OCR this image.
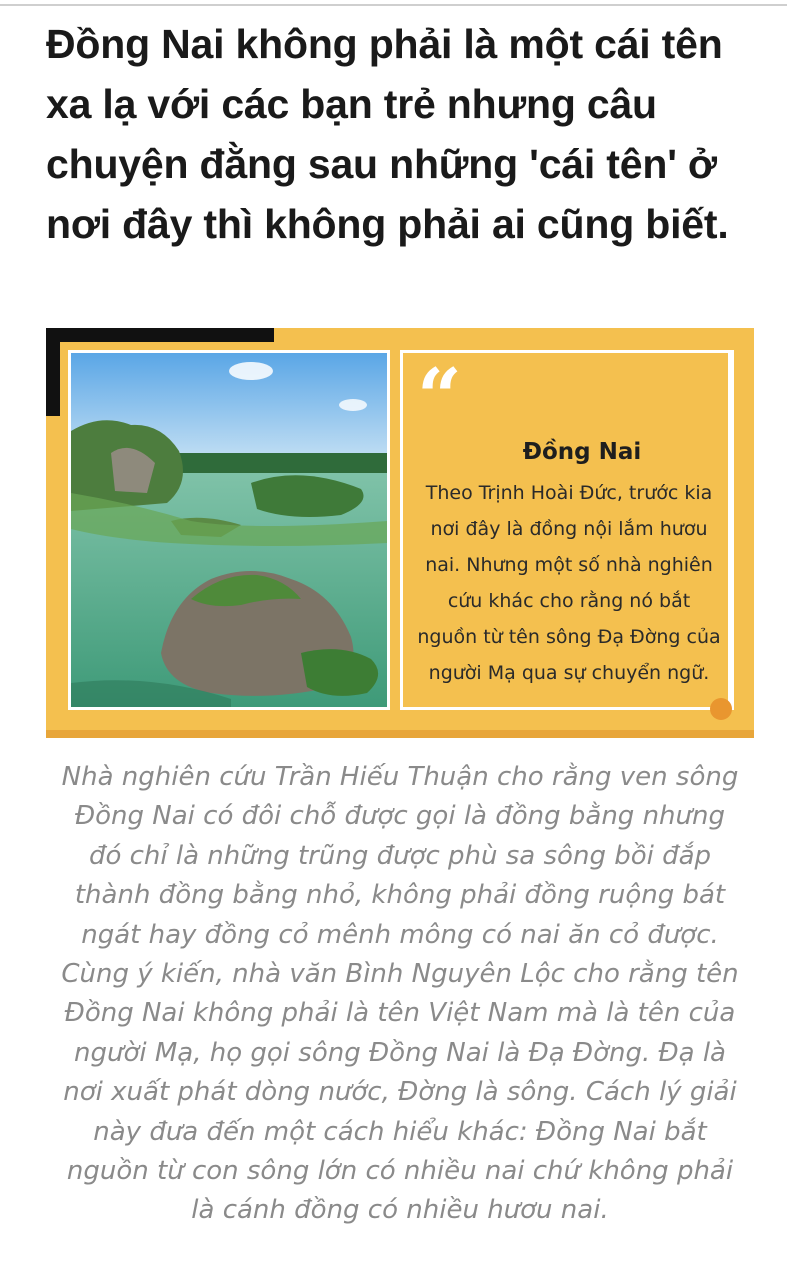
Đồng Nai không phải là một cái tên xa lạ với các bạn trẻ nhưng câu chuyện đằng sau những 'cái tên' ở nơi đây thì không phải ai cũng biết.
“
Đồng Nai

Theo Trịnh Hoài Đức, trước kia nơi đây là đồng nội lắm hươu nai. Nhưng một số nhà nghiên cứu khác cho rằng nó bắt nguồn từ tên sông Đạ Đờng của người Mạ qua sự chuyển ngữ.

Nhà nghiên cứu Trần Hiếu Thuận cho rằng ven sông Đồng Nai có đôi chỗ được gọi là đồng bằng nhưng đó chỉ là những trũng được phù sa sông bồi đắp thành đồng bằng nhỏ, không phải đồng ruộng bát ngát hay đồng cỏ mênh mông có nai ăn cỏ được. Cùng ý kiến, nhà văn Bình Nguyên Lộc cho rằng tên Đồng Nai không phải là tên Việt Nam mà là tên của người Mạ, họ gọi sông Đồng Nai là Đạ Đờng. Đạ là nơi xuất phát dòng nước, Đờng là sông. Cách lý giải này đưa đến một cách hiểu khác: Đồng Nai bắt nguồn từ con sông lớn có nhiều nai chứ không phải là cánh đồng có nhiều hươu nai.
